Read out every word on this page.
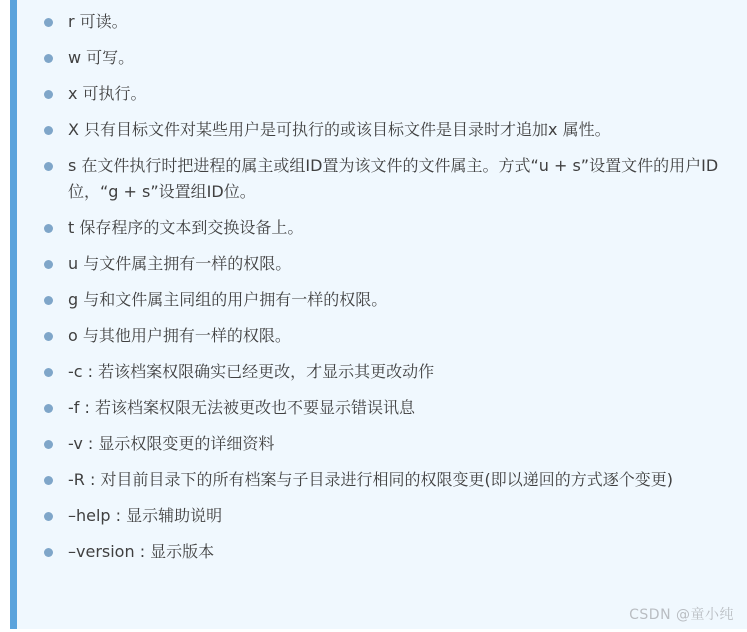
r 可读。
w 可写。
x 可执行。
X 只有目标文件对某些用户是可执行的或该目标文件是目录时才追加x 属性。
s 在文件执行时把进程的属主或组ID置为该文件的文件属主。方式“u + s”设置文件的用户ID位，“g + s”设置组ID位。
t 保存程序的文本到交换设备上。
u 与文件属主拥有一样的权限。
g 与和文件属主同组的用户拥有一样的权限。
o 与其他用户拥有一样的权限。
-c : 若该档案权限确实已经更改，才显示其更改动作
-f : 若该档案权限无法被更改也不要显示错误讯息
-v : 显示权限变更的详细资料
-R : 对目前目录下的所有档案与子目录进行相同的权限变更(即以递回的方式逐个变更)
–help : 显示辅助说明
–version : 显示版本
CSDN @童小纯
